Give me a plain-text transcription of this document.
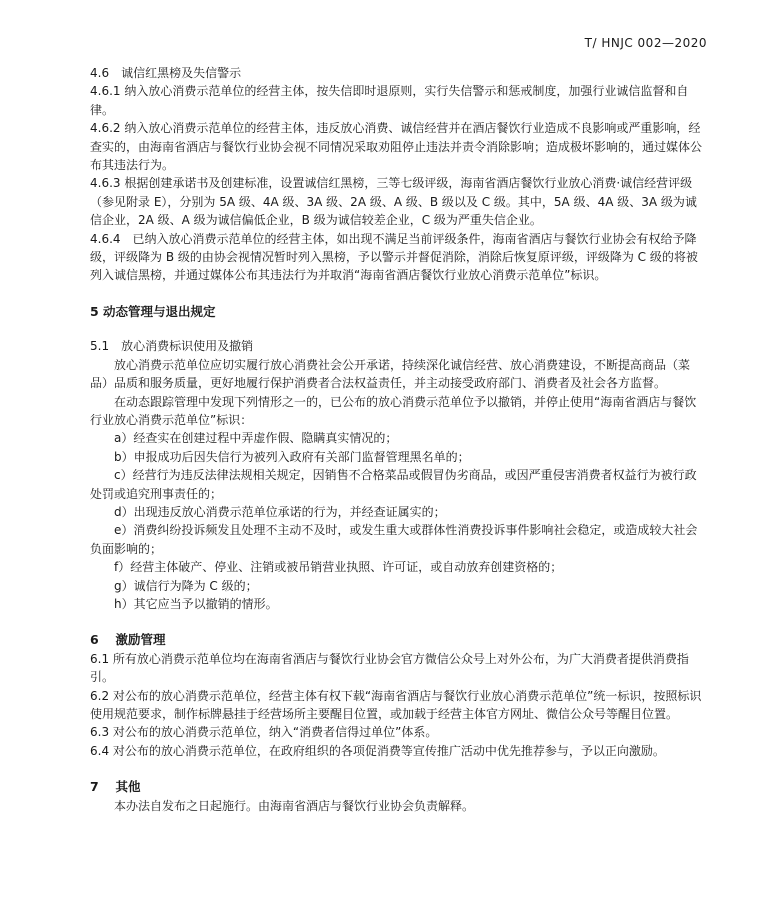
T/ HNJC 002—2020

4.6　诚信红黑榜及失信警示

4.6.1 纳入放心消费示范单位的经营主体，按失信即时退原则，实行失信警示和惩戒制度，加强行业诚信监督和自律。

4.6.2 纳入放心消费示范单位的经营主体，违反放心消费、诚信经营并在酒店餐饮行业造成不良影响或严重影响，经查实的，由海南省酒店与餐饮行业协会视不同情况采取劝阻停止违法并责令消除影响；造成极坏影响的，通过媒体公布其违法行为。

4.6.3 根据创建承诺书及创建标准，设置诚信红黑榜，三等七级评级，海南省酒店餐饮行业放心消费·诚信经营评级（参见附录 E），分别为 5A 级、4A 级、3A 级、2A 级、A 级、B 级以及 C 级。其中，5A 级、4A 级、3A 级为诚信企业，2A 级、A 级为诚信偏低企业，B 级为诚信较差企业，C 级为严重失信企业。

4.6.4　已纳入放心消费示范单位的经营主体，如出现不满足当前评级条件，海南省酒店与餐饮行业协会有权给予降级，评级降为 B 级的由协会视情况暂时列入黑榜，予以警示并督促消除，消除后恢复原评级，评级降为 C 级的将被列入诚信黑榜，并通过媒体公布其违法行为并取消“海南省酒店餐饮行业放心消费示范单位”标识。

5 动态管理与退出规定

5.1　放心消费标识使用及撤销

放心消费示范单位应切实履行放心消费社会公开承诺，持续深化诚信经营、放心消费建设，不断提高商品（菜品）品质和服务质量，更好地履行保护消费者合法权益责任，并主动接受政府部门、消费者及社会各方监督。

在动态跟踪管理中发现下列情形之一的，已公布的放心消费示范单位予以撤销，并停止使用“海南省酒店与餐饮行业放心消费示范单位”标识：

a）经查实在创建过程中弄虚作假、隐瞒真实情况的；

b）申报成功后因失信行为被列入政府有关部门监督管理黑名单的；

c）经营行为违反法律法规相关规定，因销售不合格菜品或假冒伪劣商品，或因严重侵害消费者权益行为被行政处罚或追究刑事责任的；

d）出现违反放心消费示范单位承诺的行为，并经查证属实的；

e）消费纠纷投诉频发且处理不主动不及时，或发生重大或群体性消费投诉事件影响社会稳定，或造成较大社会负面影响的；

f）经营主体破产、停业、注销或被吊销营业执照、许可证，或自动放弃创建资格的；

g）诚信行为降为 C 级的；

h）其它应当予以撤销的情形。

6　 激励管理

6.1 所有放心消费示范单位均在海南省酒店与餐饮行业协会官方微信公众号上对外公布，为广大消费者提供消费指引。

6.2 对公布的放心消费示范单位，经营主体有权下载“海南省酒店与餐饮行业放心消费示范单位”统一标识，按照标识使用规范要求，制作标牌悬挂于经营场所主要醒目位置，或加载于经营主体官方网址、微信公众号等醒目位置。

6.3 对公布的放心消费示范单位，纳入“消费者信得过单位”体系。

6.4 对公布的放心消费示范单位，在政府组织的各项促消费等宣传推广活动中优先推荐参与，予以正向激励。

7　 其他

本办法自发布之日起施行。由海南省酒店与餐饮行业协会负责解释。
